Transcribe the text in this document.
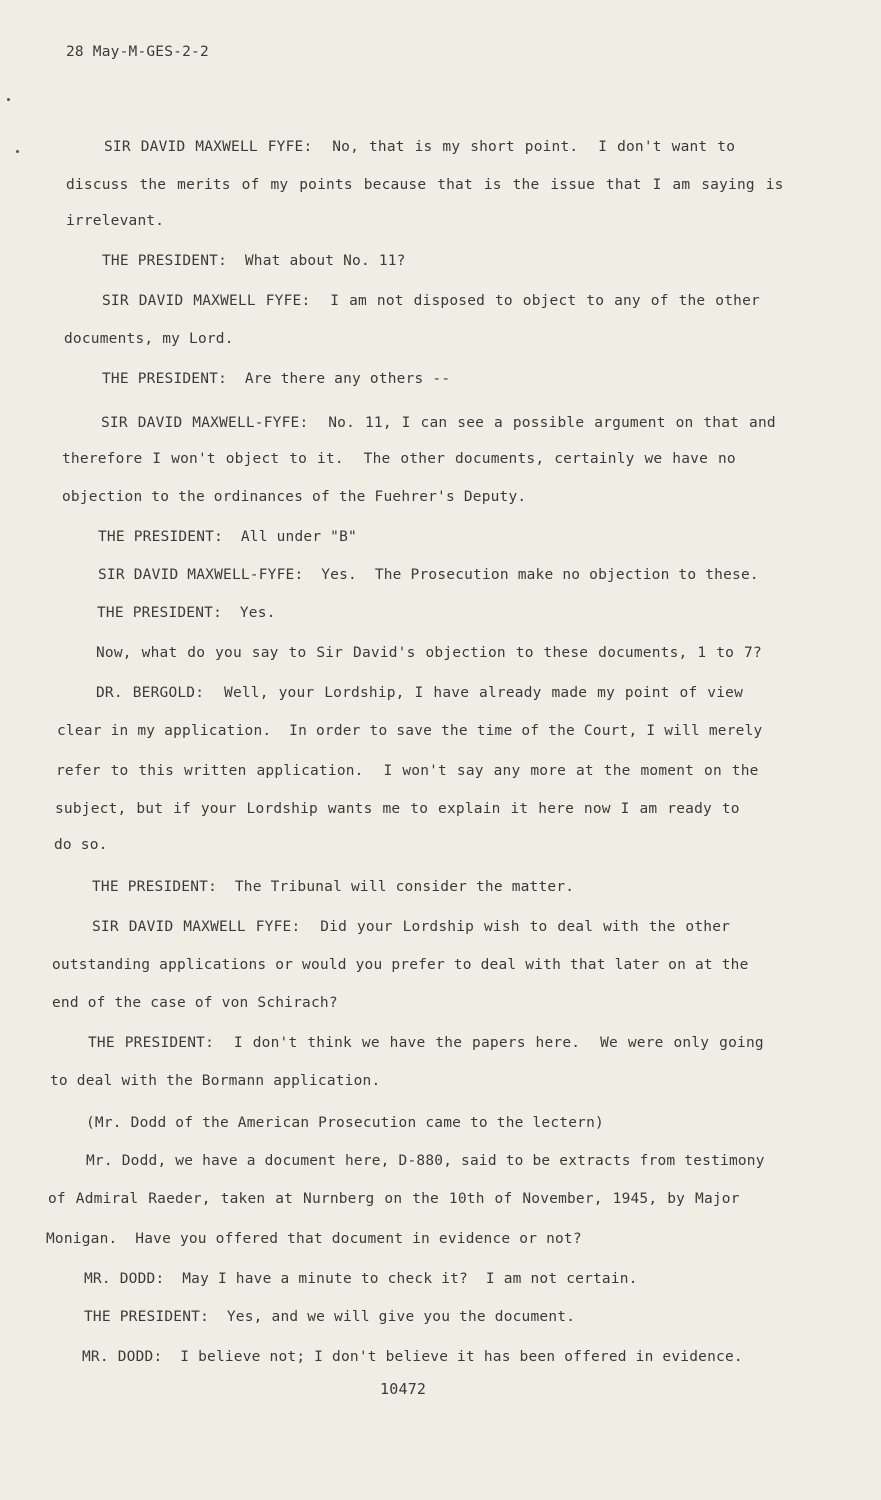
28 May-M-GES-2-2
SIR DAVID MAXWELL FYFE:  No, that is my short point.  I don't want to
discuss the merits of my points because that is the issue that I am saying is
irrelevant.
THE PRESIDENT:  What about No. 11?
SIR DAVID MAXWELL FYFE:  I am not disposed to object to any of the other
documents, my Lord.
THE PRESIDENT:  Are there any others --
SIR DAVID MAXWELL-FYFE:  No. 11, I can see a possible argument on that and
therefore I won't object to it.  The other documents, certainly we have no
objection to the ordinances of the Fuehrer's Deputy.
THE PRESIDENT:  All under "B"
SIR DAVID MAXWELL-FYFE:  Yes.  The Prosecution make no objection to these.
THE PRESIDENT:  Yes.
Now, what do you say to Sir David's objection to these documents, 1 to 7?
DR. BERGOLD:  Well, your Lordship, I have already made my point of view
clear in my application.  In order to save the time of the Court, I will merely
refer to this written application.  I won't say any more at the moment on the
subject, but if your Lordship wants me to explain it here now I am ready to
do so.
THE PRESIDENT:  The Tribunal will consider the matter.
SIR DAVID MAXWELL FYFE:  Did your Lordship wish to deal with the other
outstanding applications or would you prefer to deal with that later on at the
end of the case of von Schirach?
THE PRESIDENT:  I don't think we have the papers here.  We were only going
to deal with the Bormann application.
(Mr. Dodd of the American Prosecution came to the lectern)
Mr. Dodd, we have a document here, D-880, said to be extracts from testimony
of Admiral Raeder, taken at Nurnberg on the 10th of November, 1945, by Major
Monigan.  Have you offered that document in evidence or not?
MR. DODD:  May I have a minute to check it?  I am not certain.
THE PRESIDENT:  Yes, and we will give you the document.
MR. DODD:  I believe not; I don't believe it has been offered in evidence.
10472
